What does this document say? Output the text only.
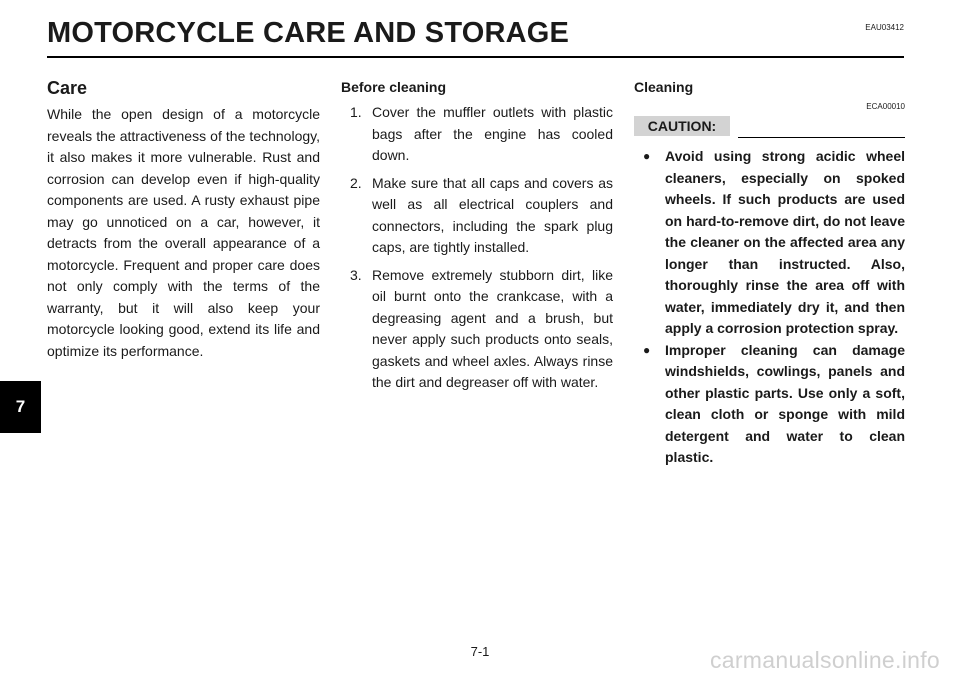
MOTORCYCLE CARE AND STORAGE	EAU03412
Care

While the open design of a motorcycle reveals the attractiveness of the technology, it also makes it more vulnerable. Rust and corrosion can develop even if high-quality components are used. A rusty exhaust pipe may go unnoticed on a car, however, it detracts from the overall appearance of a motorcycle. Frequent and proper care does not only comply with the terms of the warranty, but it will also keep your motorcycle looking good, extend its life and optimize its performance.

Before cleaning
1. Cover the muffler outlets with plastic bags after the engine has cooled down.
2. Make sure that all caps and covers as well as all electrical couplers and connectors, including the spark plug caps, are tightly installed.
3. Remove extremely stubborn dirt, like oil burnt onto the crankcase, with a degreasing agent and a brush, but never apply such products onto seals, gaskets and wheel axles. Always rinse the dirt and degreaser off with water.
Cleaning
ECA00010
CAUTION:
● Avoid using strong acidic wheel cleaners, especially on spoked wheels. If such products are used on hard-to-remove dirt, do not leave the cleaner on the affected area any longer than instructed. Also, thoroughly rinse the area off with water, immediately dry it, and then apply a corrosion protection spray.
● Improper cleaning can damage windshields, cowlings, panels and other plastic parts. Use only a soft, clean cloth or sponge with mild detergent and water to clean plastic.
7
7-1	carmanualsonline.info
